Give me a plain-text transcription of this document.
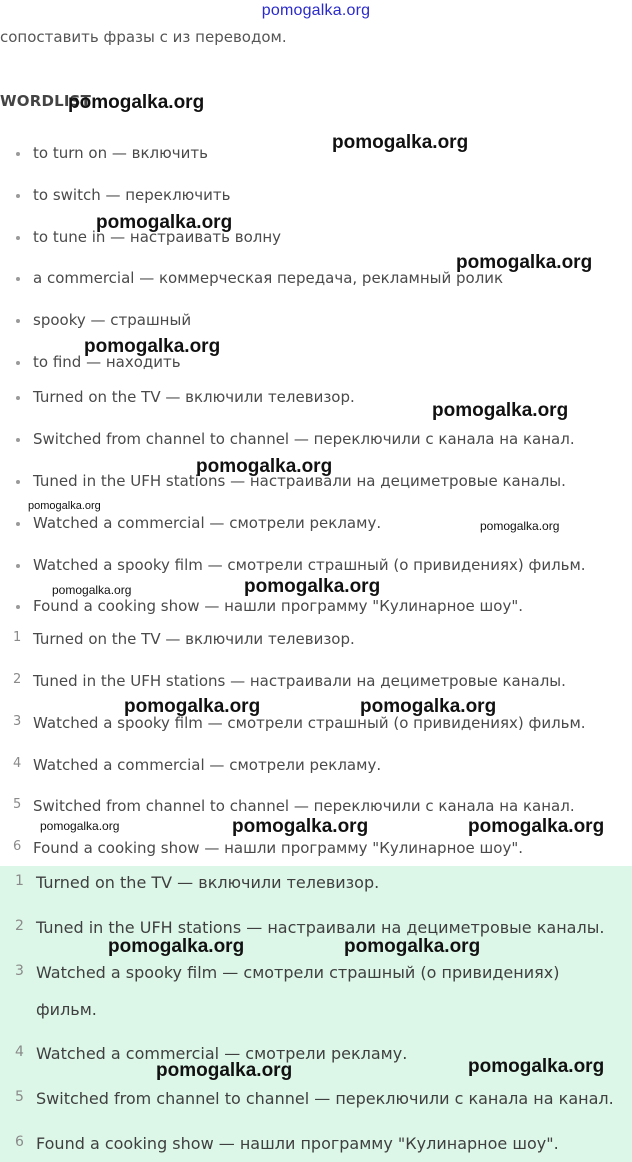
pomogalka.org
сопоставить фразы с из переводом.
WORDLIST
to turn on — включить
to switch — переключить
to tune in — настраивать волну
a commercial — коммерческая передача, рекламный ролик
spooky — страшный
to find — находить
Turned on the TV — включили телевизор.
Switched from channel to channel — переключили с канала на канал.
Tuned in the UFH stations — настраивали на дециметровые каналы.
Watched a commercial — смотрели рекламу.
Watched a spooky film — смотрели страшный (о привидениях) фильм.
Found a cooking show — нашли программу "Кулинарное шоу".
1 Turned on the TV — включили телевизор.
2 Tuned in the UFH stations — настраивали на дециметровые каналы.
3 Watched a spooky film — смотрели страшный (о привидениях) фильм.
4 Watched a commercial — смотрели рекламу.
5 Switched from channel to channel — переключили с канала на канал.
6 Found a cooking show — нашли программу "Кулинарное шоу".
1 Turned on the TV — включили телевизор.
2 Tuned in the UFH stations — настраивали на дециметровые каналы.
3 Watched a spooky film — смотрели страшный (о привидениях) фильм.
4 Watched a commercial — смотрели рекламу.
5 Switched from channel to channel — переключили с канала на канал.
6 Found a cooking show — нашли программу "Кулинарное шоу".
pomogalka.org
pomogalka.org
pomogalka.org
pomogalka.org
pomogalka.org
pomogalka.org
pomogalka.org
pomogalka.org
pomogalka.org
pomogalka.org	pomogalka.org
pomogalka.org	pomogalka.org
pomogalka.org	pomogalka.org	pomogalka.org
pomogalka.org	pomogalka.org
pomogalka.org
pomogalka.org
